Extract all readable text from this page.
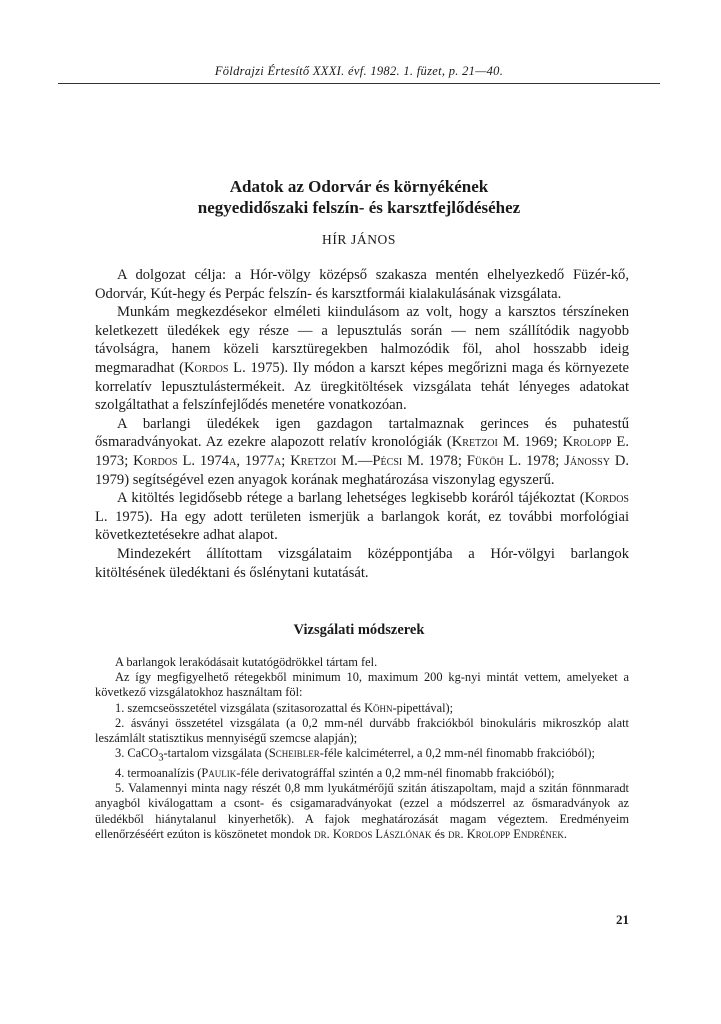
Földrajzi Értesítő XXXI. évf. 1982. 1. füzet, p. 21—40.
Adatok az Odorvár és környékének
negyedidőszaki felszín- és karsztfejlődéséhez
HÍR JÁNOS

A dolgozat célja: a Hór-völgy középső szakasza mentén elhelyezkedő Füzér-kő, Odorvár, Kút-hegy és Perpác felszín- és karsztformái kialakulásának vizsgálata.

Munkám megkezdésekor elméleti kiindulásom az volt, hogy a karsztos térszíneken keletkezett üledékek egy része — a lepusztulás során — nem szállítódik nagyobb távolságra, hanem közeli karsztüregekben halmozódik föl, ahol hosszabb ideig megmaradhat (Kordos L. 1975). Ily módon a karszt képes megőrizni maga és környezete korrelatív lepusztulástermékeit. Az üregkitöltések vizsgálata tehát lényeges adatokat szolgáltathat a felszínfejlődés menetére vonatkozóan.

A barlangi üledékek igen gazdagon tartalmaznak gerinces és puhatestű ősmaradványokat. Az ezekre alapozott relatív kronológiák (Kretzoi M. 1969; Krolopp E. 1973; Kordos L. 1974a, 1977a; Kretzoi M.—Pécsi M. 1978; Füköh L. 1978; Jánossy D. 1979) segítségével ezen anyagok korának meghatározása viszonylag egyszerű.

A kitöltés legidősebb rétege a barlang lehetséges legkisebb koráról tájékoztat (Kordos L. 1975). Ha egy adott területen ismerjük a barlangok korát, ez további morfológiai következtetésekre adhat alapot.

Mindezekért állítottam vizsgálataim középpontjába a Hór-völgyi barlangok kitöltésének üledéktani és őslénytani kutatását.

Vizsgálati módszerek

A barlangok lerakódásait kutatógödrökkel tártam fel.

Az így megfigyelhető rétegekből minimum 10, maximum 200 kg-nyi mintát vettem, amelyeket a következő vizsgálatokhoz használtam föl:

1. szemcseösszetétel vizsgálata (szitasorozattal és Köhn-pipettával);

2. ásványi összetétel vizsgálata (a 0,2 mm-nél durvább frakciókból binokuláris mikroszkóp alatt leszámlált statisztikus mennyiségű szemcse alapján);

3. CaCO$_3$-tartalom vizsgálata (Scheibler-féle kalciméterrel, a 0,2 mm-nél finomabb frakcióból);

4. termoanalízis (Paulik-féle derivatográffal szintén a 0,2 mm-nél finomabb frakcióból);

5. Valamennyi minta nagy részét 0,8 mm lyukátmérőjű szitán átiszapoltam, majd a szitán fönnmaradt anyagból kiválogattam a csont- és csigamaradványokat (ezzel a módszerrel az ősmaradványok az üledékből hiánytalanul kinyerhetők). A fajok meghatározását magam végeztem. Eredményeim ellenőrzéséért ezúton is köszönetet mondok dr. Kordos Lászlónak és dr. Krolopp Endrének.

21
